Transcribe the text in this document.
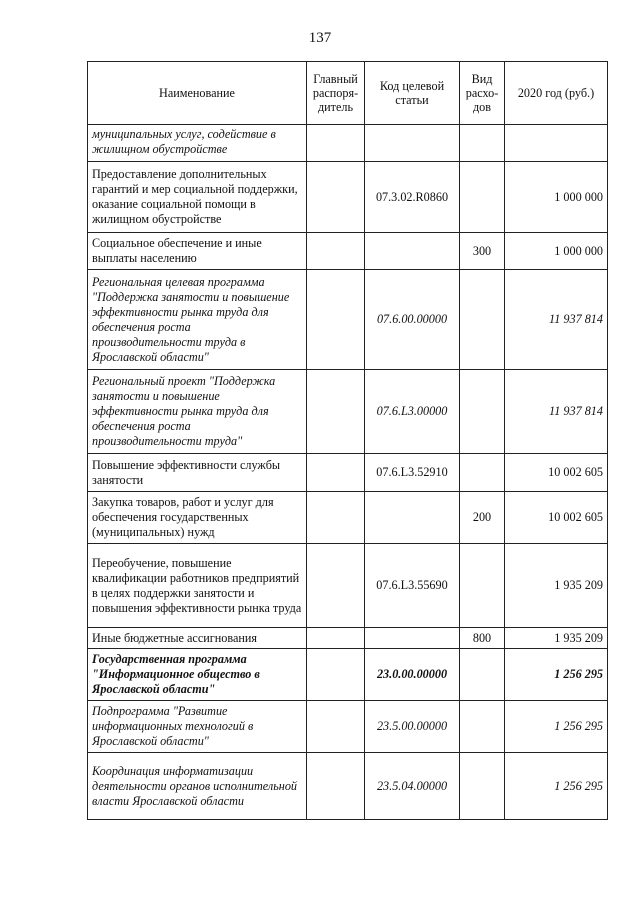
137
Наименование	Главный распоря-дитель	Код целевой статьи	Вид расхо-дов	2020 год (руб.)
муниципальных услуг, содействие в жилищном обустройстве				
Предоставление дополнительных гарантий и мер социальной поддержки, оказание социальной помощи в жилищном обустройстве		07.3.02.R0860		1 000 000
Социальное обеспечение и иные выплаты населению			300	1 000 000
Региональная целевая программа "Поддержка занятости и повышение эффективности рынка труда для обеспечения роста производительности труда в Ярославской области"		07.6.00.00000		11 937 814
Региональный проект "Поддержка занятости и повышение эффективности рынка труда для обеспечения роста производительности труда"		07.6.L3.00000		11 937 814
Повышение эффективности службы занятости		07.6.L3.52910		10 002 605
Закупка товаров, работ и услуг для обеспечения государственных (муниципальных) нужд			200	10 002 605
Переобучение, повышение квалификации работников предприятий в целях поддержки занятости и повышения эффективности рынка труда		07.6.L3.55690		1 935 209
Иные бюджетные ассигнования			800	1 935 209
Государственная программа "Информационное общество в Ярославской области"		23.0.00.00000		1 256 295
Подпрограмма "Развитие информационных технологий в Ярославской области"		23.5.00.00000		1 256 295
Координация информатизации деятельности органов исполнительной власти Ярославской области		23.5.04.00000		1 256 295
